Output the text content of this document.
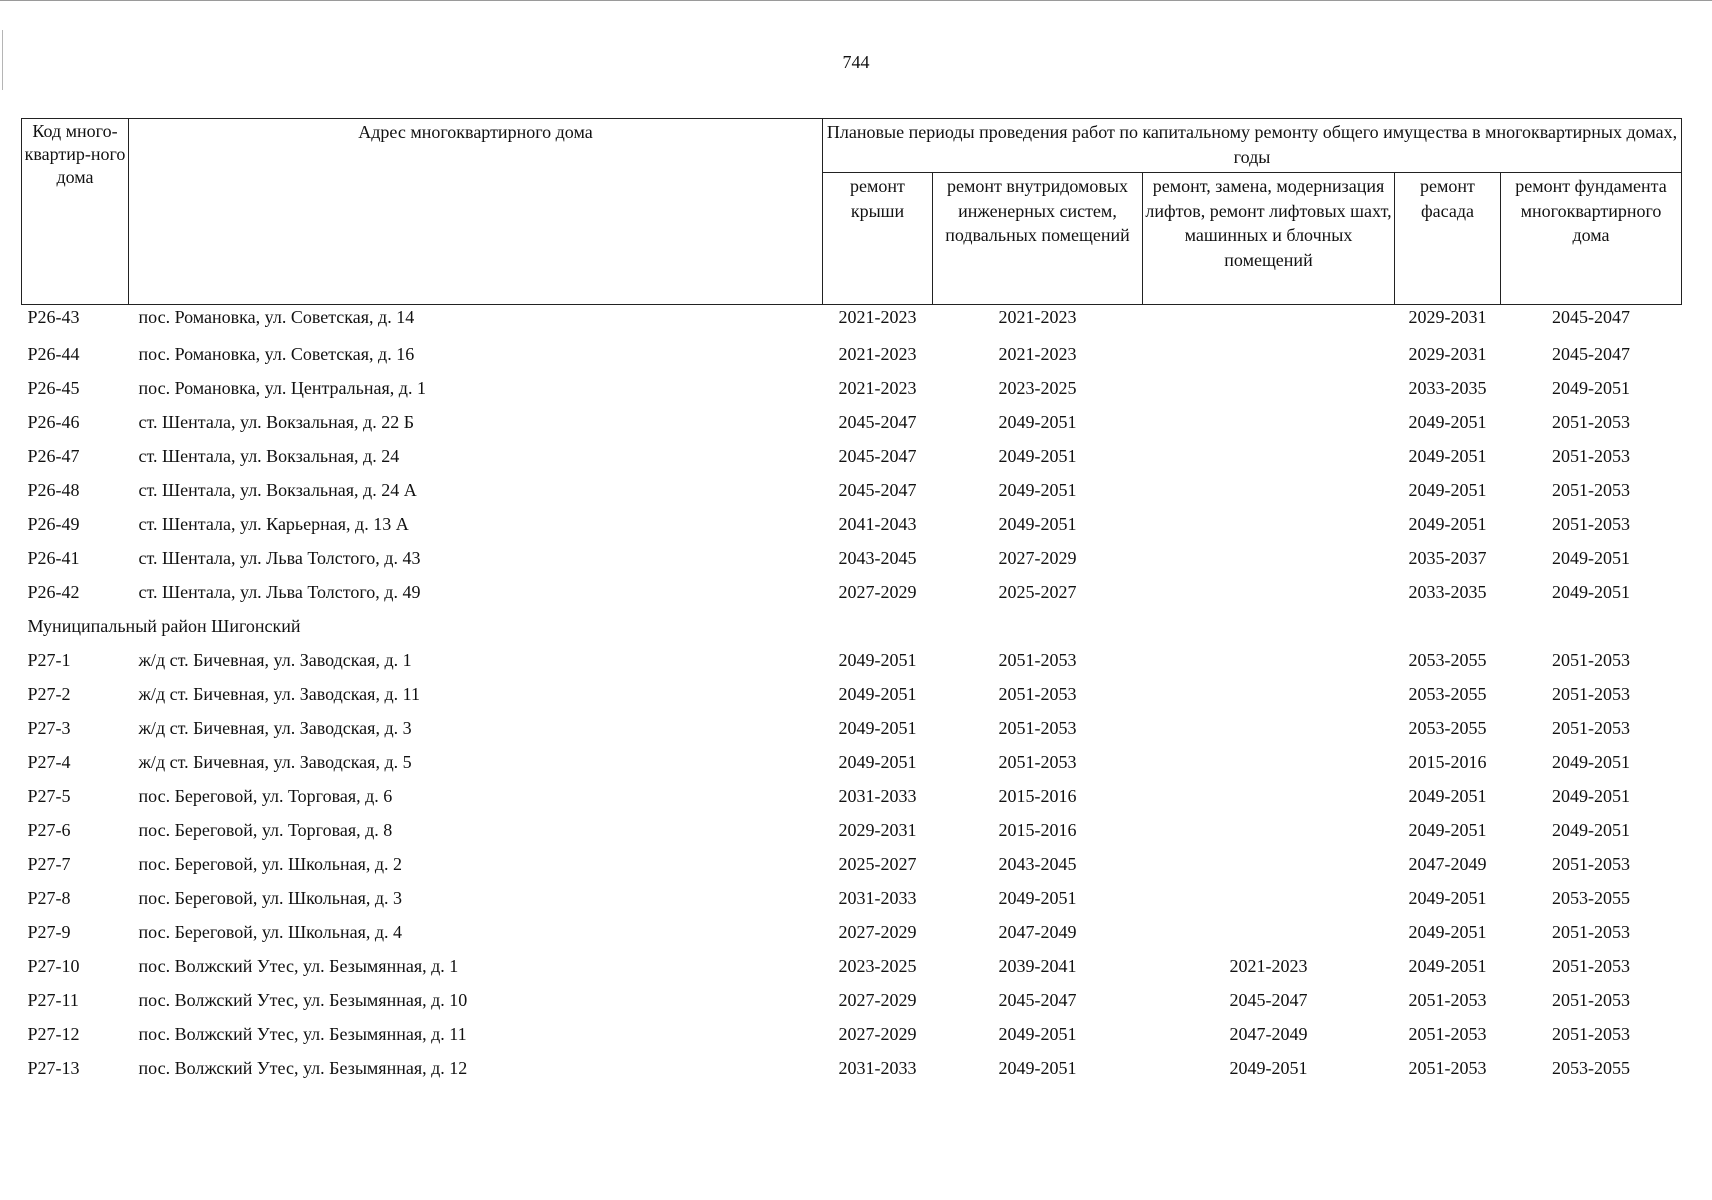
744
Код много-квартир-ного дома	Адрес многоквартирного дома	Плановые периоды проведения работ по капитальному ремонту общего имущества в многоквартирных домах, годы				
		ремонт крыши	ремонт внутридомовых инженерных систем, подвальных помещений	ремонт, замена, модернизация лифтов, ремонт лифтовых шахт, машинных и блочных помещений	ремонт фасада	ремонт фундамента многоквартирного дома
Р26-43	пос. Романовка, ул. Советская, д. 14	2021-2023	2021-2023		2029-2031	2045-2047
Р26-44	пос. Романовка, ул. Советская, д. 16	2021-2023	2021-2023		2029-2031	2045-2047
Р26-45	пос. Романовка, ул. Центральная, д. 1	2021-2023	2023-2025		2033-2035	2049-2051
Р26-46	ст. Шентала, ул. Вокзальная, д. 22 Б	2045-2047	2049-2051		2049-2051	2051-2053
Р26-47	ст. Шентала, ул. Вокзальная, д. 24	2045-2047	2049-2051		2049-2051	2051-2053
Р26-48	ст. Шентала, ул. Вокзальная, д. 24 А	2045-2047	2049-2051		2049-2051	2051-2053
Р26-49	ст. Шентала, ул. Карьерная, д. 13 А	2041-2043	2049-2051		2049-2051	2051-2053
Р26-41	ст. Шентала, ул. Льва Толстого, д. 43	2043-2045	2027-2029		2035-2037	2049-2051
Р26-42	ст. Шентала, ул. Льва Толстого, д. 49	2027-2029	2025-2027		2033-2035	2049-2051
Муниципальный район Шигонский						
Р27-1	ж/д ст. Бичевная, ул. Заводская, д. 1	2049-2051	2051-2053		2053-2055	2051-2053
Р27-2	ж/д ст. Бичевная, ул. Заводская, д. 11	2049-2051	2051-2053		2053-2055	2051-2053
Р27-3	ж/д ст. Бичевная, ул. Заводская, д. 3	2049-2051	2051-2053		2053-2055	2051-2053
Р27-4	ж/д ст. Бичевная, ул. Заводская, д. 5	2049-2051	2051-2053		2015-2016	2049-2051
Р27-5	пос. Береговой, ул. Торговая, д. 6	2031-2033	2015-2016		2049-2051	2049-2051
Р27-6	пос. Береговой, ул. Торговая, д. 8	2029-2031	2015-2016		2049-2051	2049-2051
Р27-7	пос. Береговой, ул. Школьная, д. 2	2025-2027	2043-2045		2047-2049	2051-2053
Р27-8	пос. Береговой, ул. Школьная, д. 3	2031-2033	2049-2051		2049-2051	2053-2055
Р27-9	пос. Береговой, ул. Школьная, д. 4	2027-2029	2047-2049		2049-2051	2051-2053
Р27-10	пос. Волжский Утес, ул. Безымянная, д. 1	2023-2025	2039-2041	2021-2023	2049-2051	2051-2053
Р27-11	пос. Волжский Утес, ул. Безымянная, д. 10	2027-2029	2045-2047	2045-2047	2051-2053	2051-2053
Р27-12	пос. Волжский Утес, ул. Безымянная, д. 11	2027-2029	2049-2051	2047-2049	2051-2053	2051-2053
Р27-13	пос. Волжский Утес, ул. Безымянная, д. 12	2031-2033	2049-2051	2049-2051	2051-2053	2053-2055
